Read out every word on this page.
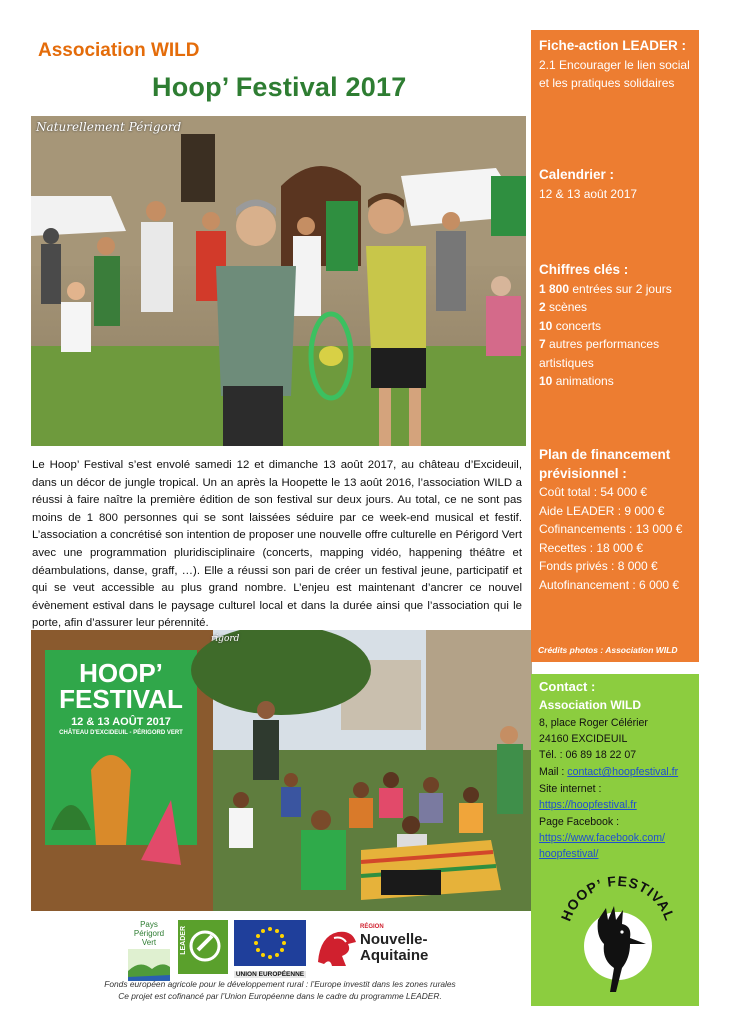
Association WILD
Hoop’ Festival 2017
Naturellement Périgord
Le Hoop’ Festival s’est envolé samedi 12 et dimanche 13 août 2017, au château d’Excideuil, dans un décor de jungle tropical. Un an après la Hoopette le 13 août 2016, l’association WILD a réussi à faire naître la première édition de son festival sur deux jours. Au total, ce ne sont pas moins de 1 800 personnes qui se sont laissées séduire par ce week-end musical et festif. L’association a concrétisé son intention de proposer une nouvelle offre culturelle en Périgord Vert avec une programmation pluridisciplinaire (concerts, mapping vidéo, happening théâtre et déambulations, danse, graff, …). Elle a réussi son pari de créer un festival jeune, participatif et qui se veut accessible au plus grand nombre. L’enjeu est maintenant d’ancrer ce nouvel évènement estival dans le paysage culturel local et dans la durée ainsi que l’association qui le porte, afin d’assurer leur pérennité.
HOOP’
FESTIVAL
12 & 13 AOÛT 2017
CHÂTEAU D'EXCIDEUIL - PÉRIGORD VERT
rigord
Fiche-action LEADER :
2.1 Encourager le lien social et les pratiques solidaires
Calendrier :
12 & 13 août 2017
Chiffres clés :
1 800 entrées sur 2 jours
2 scènes
10 concerts
7 autres performances artistiques
10 animations
Plan de financement prévisionnel :
Coût total : 54 000 €
Aide LEADER : 9 000 €
Cofinancements : 13 000 €
Recettes : 18 000 €
Fonds privés : 8 000 €
Autofinancement : 6 000 €
Crédits photos : Association WILD
Contact :
Association WILD
8, place Roger Célérier
24160 EXCIDEUIL
Tél. : 06 89 18 22 07
Mail : contact@hoopfestival.fr
Site internet :
https://hoopfestival.fr
Page Facebook :
https://www.facebook.com/
hoopfestival/
HOOP’ FESTIVAL
Pays Périgord
Vert	LEADER
UNION EUROPÉENNE
RÉGION
Nouvelle-
Aquitaine
Fonds européen agricole pour le développement rural : l’Europe investit dans les zones rurales
Ce projet est cofinancé par l’Union Européenne dans le cadre du programme LEADER.
